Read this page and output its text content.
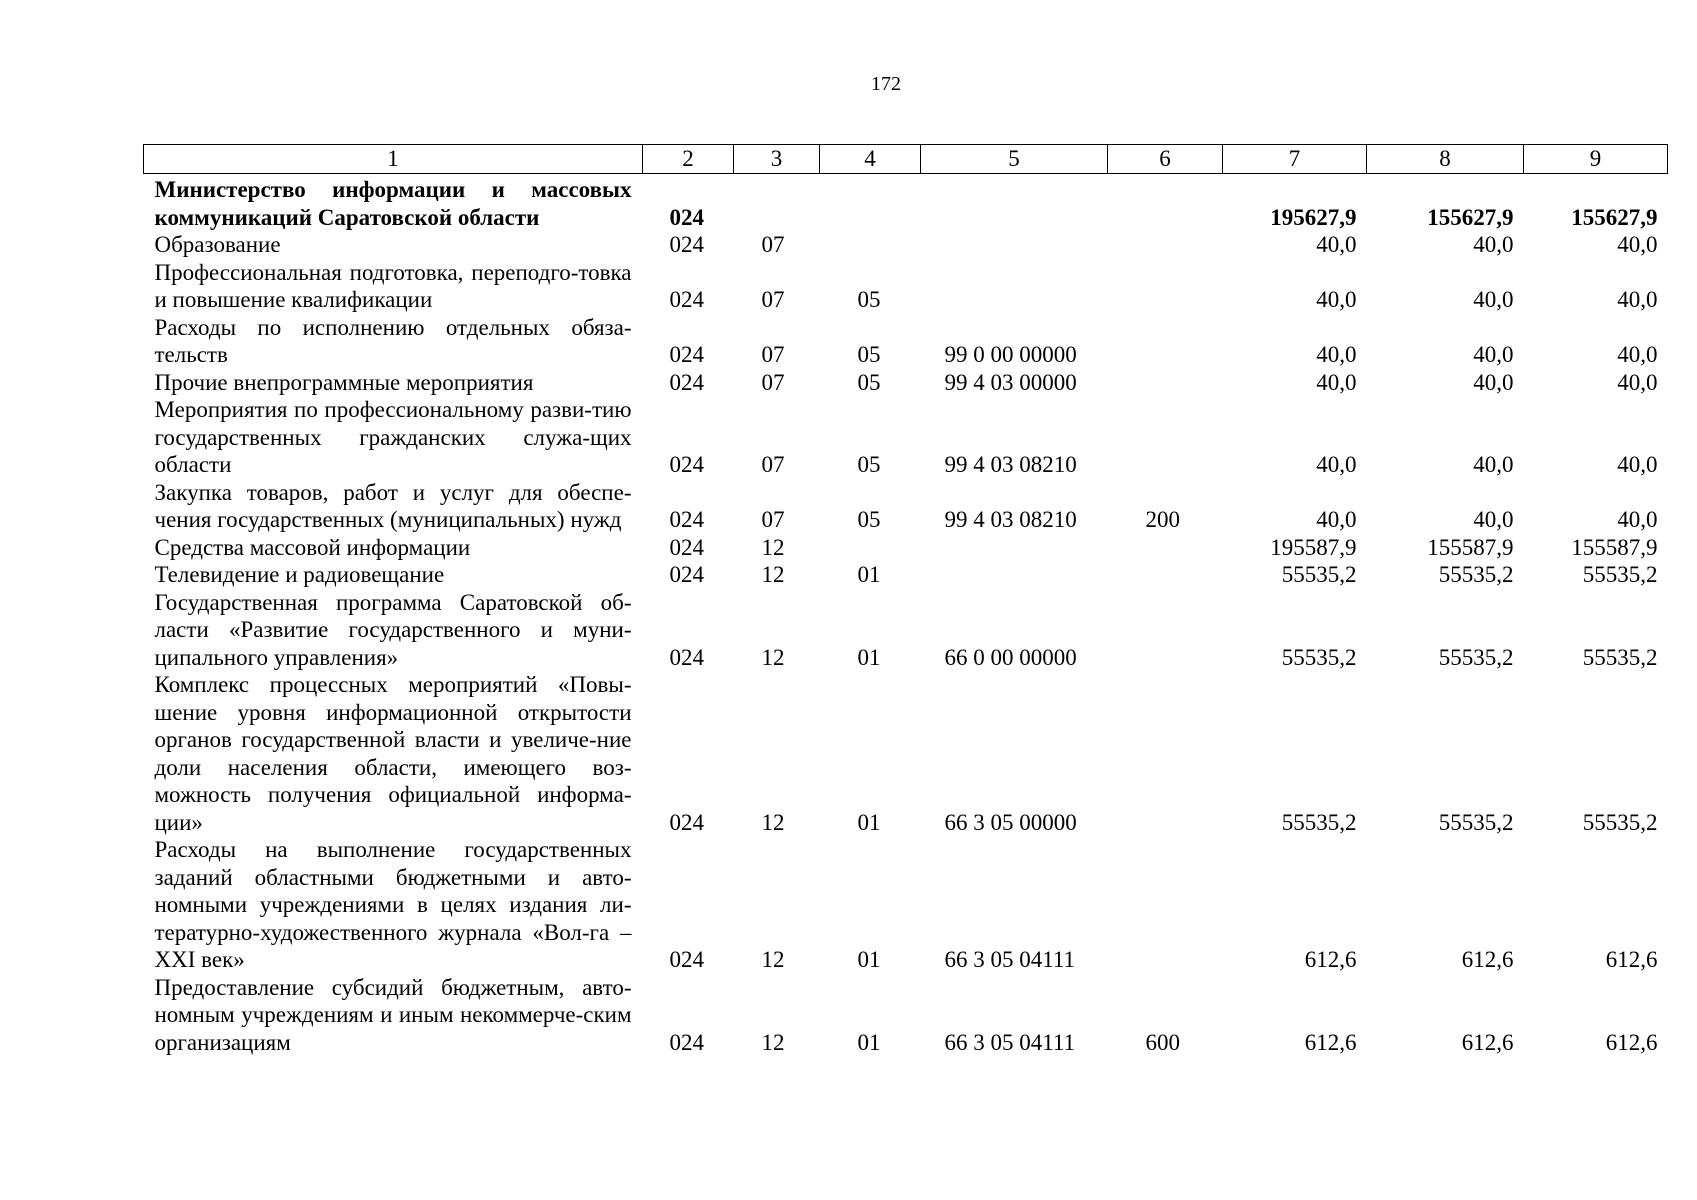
172
1	2	3	4	5	6	7	8	9
Министерство информации и массовых коммуникаций Саратовской области	024					195627,9	155627,9	155627,9
Образование	024	07				40,0	40,0	40,0
Профессиональная подготовка, переподго-товка и повышение квалификации	024	07	05			40,0	40,0	40,0
Расходы по исполнению отдельных обяза-тельств	024	07	05	99 0 00 00000		40,0	40,0	40,0
Прочие внепрограммные мероприятия	024	07	05	99 4 03 00000		40,0	40,0	40,0
Мероприятия по профессиональному разви-тию государственных гражданских служа-щих области	024	07	05	99 4 03 08210		40,0	40,0	40,0
Закупка товаров, работ и услуг для обеспе-чения государственных (муниципальных) нужд	024	07	05	99 4 03 08210	200	40,0	40,0	40,0
Средства массовой информации	024	12				195587,9	155587,9	155587,9
Телевидение и радиовещание	024	12	01			55535,2	55535,2	55535,2
Государственная программа Саратовской об-ласти «Развитие государственного и муни-ципального управления»	024	12	01	66 0 00 00000		55535,2	55535,2	55535,2
Комплекс процессных мероприятий «Повы-шение уровня информационной открытости органов государственной власти и увеличе-ние доли населения области, имеющего воз-можность получения официальной информа-ции»	024	12	01	66 3 05 00000		55535,2	55535,2	55535,2
Расходы на выполнение государственных заданий областными бюджетными и авто-номными учреждениями в целях издания ли-тературно-художественного журнала «Вол-га – XXI век»	024	12	01	66 3 05 04111		612,6	612,6	612,6
Предоставление субсидий бюджетным, авто-номным учреждениям и иным некоммерче-ским организациям	024	12	01	66 3 05 04111	600	612,6	612,6	612,6
